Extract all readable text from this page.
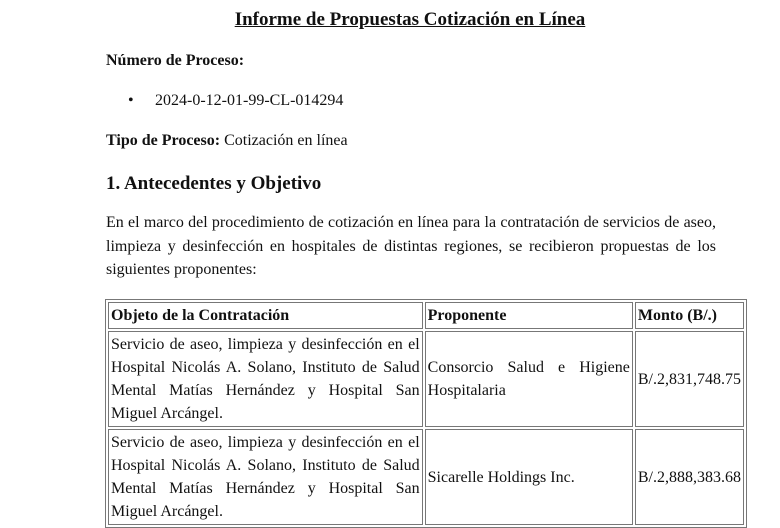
Informe de Propuestas Cotización en Línea
Número de Proceso:
• 2024-0-12-01-99-CL-014294
Tipo de Proceso: Cotización en línea
1. Antecedentes y Objetivo
En el marco del procedimiento de cotización en línea para la contratación de servicios de aseo, limpieza y desinfección en hospitales de distintas regiones, se recibieron propuestas de los siguientes proponentes:
Objeto de la Contratación	Proponente	Monto (B/.)
Servicio de aseo, limpieza y desinfección en el Hospital Nicolás A. Solano, Instituto de Salud Mental Matías Hernández y Hospital San Miguel Arcángel.	Consorcio Salud e Higiene Hospitalaria	B/.2,831,748.75
Servicio de aseo, limpieza y desinfección en el Hospital Nicolás A. Solano, Instituto de Salud Mental Matías Hernández y Hospital San Miguel Arcángel.	Sicarelle Holdings Inc.	B/.2,888,383.68
